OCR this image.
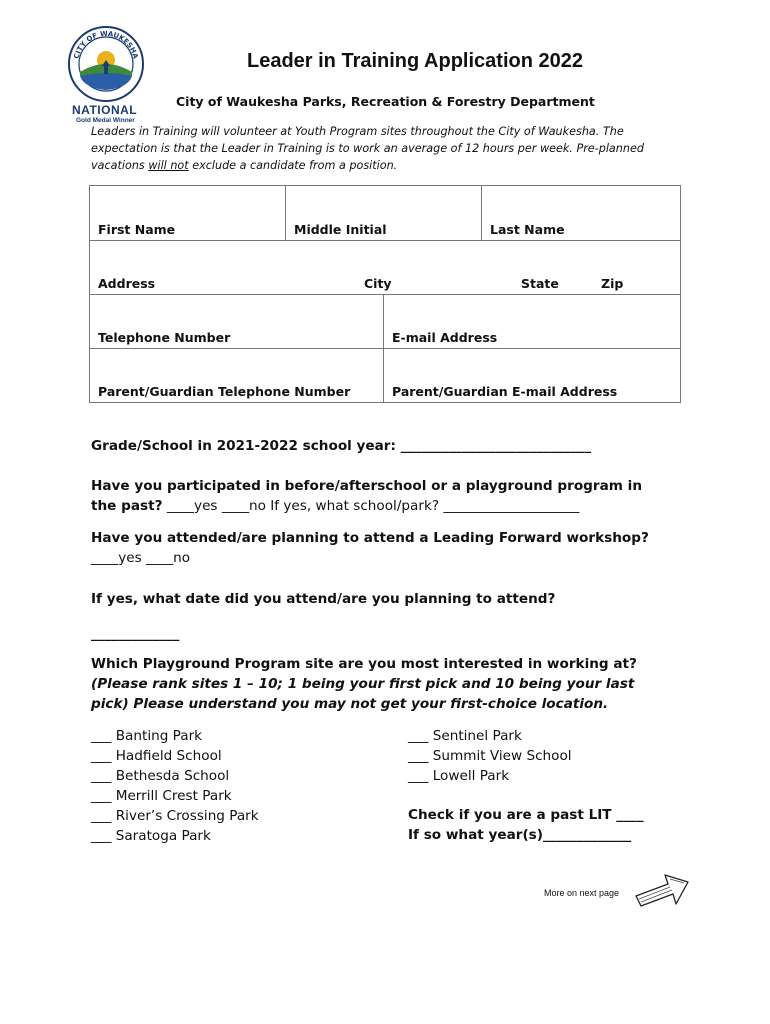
CITY OF WAUKESHA
NATIONAL
Gold Medal Winner
Leader in Training Application 2022
City of Waukesha Parks, Recreation & Forestry Department
Leaders in Training will volunteer at Youth Program sites throughout the City of Waukesha. The expectation is that the Leader in Training is to work an average of 12 hours per week. Pre-planned vacations will not exclude a candidate from a position.
First Name	Middle Initial		Last Name

Address City State Zip			

Telephone Number		E-mail Address	
Parent/Guardian Telephone Number		Parent/Guardian E-mail Address	
Grade/School in 2021-2022 school year: ____________________________
Have you participated in before/afterschool or a playground program in
the past? ____yes ____no If yes, what school/park? ____________________
Have you attended/are planning to attend a Leading Forward workshop?
____yes ____no
If yes, what date did you attend/are you planning to attend?
_____________
Which Playground Program site are you most interested in working at?
(Please rank sites 1 – 10; 1 being your first pick and 10 being your last
pick) Please understand you may not get your first-choice location.
___ Banting Park
___ Hadfield School
___ Bethesda School
___ Merrill Crest Park
___ River’s Crossing Park
___ Saratoga Park
___ Sentinel Park
___ Summit View School
___ Lowell Park
Check if you are a past LIT ____
If so what year(s)_____________
More on next page
